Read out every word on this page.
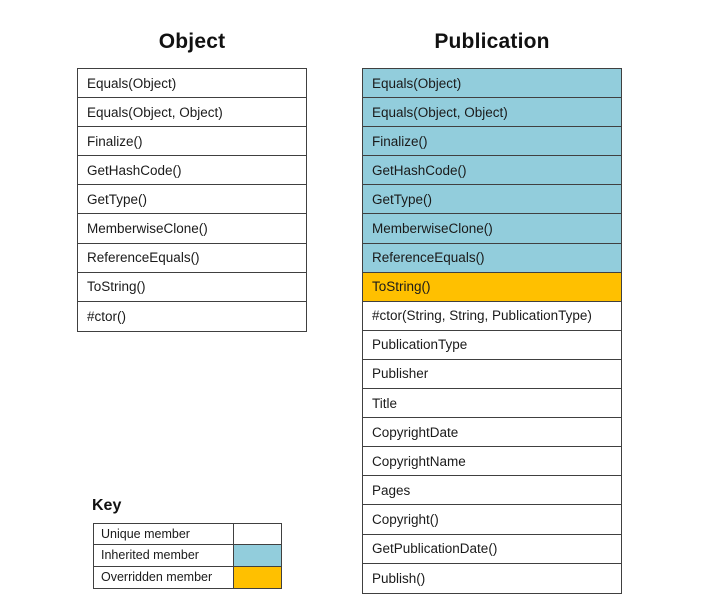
Object	Publication
Equals(Object)
Equals(Object, Object)
Finalize()
GetHashCode()
GetType()
MemberwiseClone()
ReferenceEquals()
ToString()
#ctor()
Equals(Object)
Equals(Object, Object)
Finalize()
GetHashCode()
GetType()
MemberwiseClone()
ReferenceEquals()
ToString()
#ctor(String, String, PublicationType)
PublicationType
Publisher
Title
CopyrightDate
CopyrightName
Pages
Copyright()
GetPublicationDate()
Publish()
Key
Unique member
Inherited member
Overridden member
